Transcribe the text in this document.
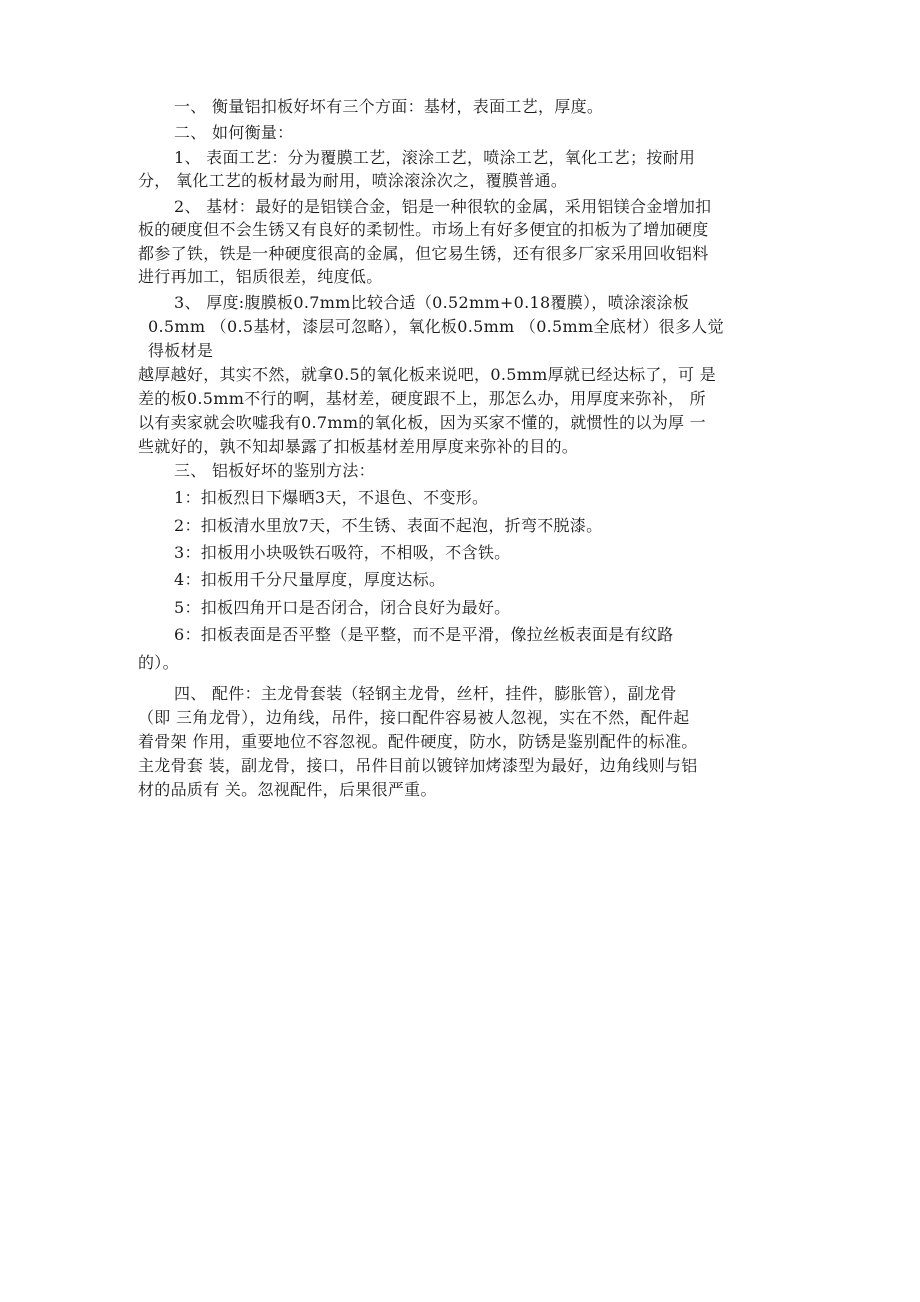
一、 衡量铝扣板好坏有三个方面：基材，表面工艺，厚度。
二、 如何衡量：
1、 表面工艺：分为覆膜工艺，滚涂工艺，喷涂工艺，氧化工艺；按耐用
分， 氧化工艺的板材最为耐用，喷涂滚涂次之，覆膜普通。
2、 基材：最好的是铝镁合金，铝是一种很软的金属，采用铝镁合金增加扣
板的硬度但不会生锈又有良好的柔韧性。市场上有好多便宜的扣板为了增加硬度
都参了铁，铁是一种硬度很高的金属，但它易生锈，还有很多厂家采用回收铝料
进行再加工，铝质很差，纯度低。
3、 厚度:腹膜板0.7mm比较合适（0.52mm+0.18覆膜），喷涂滚涂板
0.5mm （0.5基材，漆层可忽略），氧化板0.5mm （0.5mm全底材）很多人觉
得板材是
越厚越好，其实不然，就拿0.5的氧化板来说吧，0.5mm厚就已经达标了，可 是
差的板0.5mm不行的啊，基材差，硬度跟不上，那怎么办，用厚度来弥补， 所
以有卖家就会吹嘘我有0.7mm的氧化板，因为买家不懂的，就惯性的以为厚 一
些就好的，孰不知却暴露了扣板基材差用厚度来弥补的目的。
三、 铝板好坏的鉴别方法：
1：扣板烈日下爆晒3天，不退色、不变形。
2：扣板清水里放7天，不生锈、表面不起泡，折弯不脱漆。
3：扣板用小块吸铁石吸符，不相吸，不含铁。
4：扣板用千分尺量厚度，厚度达标。
5：扣板四角开口是否闭合，闭合良好为最好。
6：扣板表面是否平整（是平整，而不是平滑，像拉丝板表面是有纹路
的）。
四、 配件：主龙骨套装（轻钢主龙骨，丝杆，挂件，膨胀管），副龙骨
（即 三角龙骨），边角线，吊件，接口配件容易被人忽视，实在不然，配件起
着骨架 作用，重要地位不容忽视。配件硬度，防水，防锈是鉴别配件的标准。
主龙骨套 装，副龙骨，接口，吊件目前以镀锌加烤漆型为最好，边角线则与铝
材的品质有 关。忽视配件，后果很严重。
